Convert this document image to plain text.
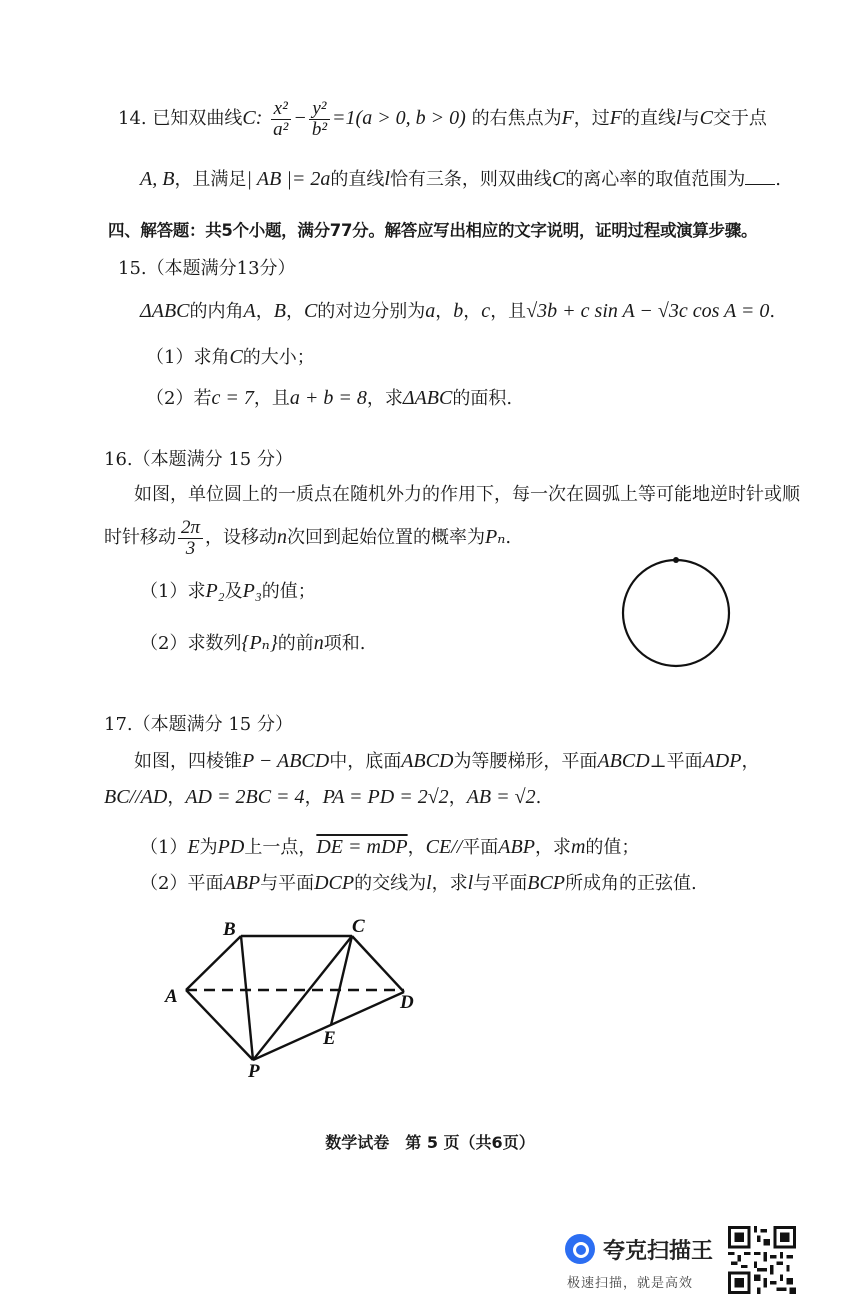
14. 已知双曲线C: $\frac{\text{x²}}{\text{a²}} - \frac{\text{y²}}{\text{b²}} =1(a > 0$, b > 0) 的右焦点为F，过F的直线l与C交于点
A, B，且满足| AB |= 2a的直线l恰有三条，则双曲线C的离心率的取值范围为 .
四、解答题：共5个小题，满分77分。解答应写出相应的文字说明，证明过程或演算步骤。
15.（本题满分13分）
ΔABC的内角A，B，C的对边分别为a，b，c，且√3b + c sin A − √3c cos A = 0.
（1）求角C的大小；
（2）若c = 7，且a + b = 8，求ΔABC的面积.
16.（本题满分 15 分）
如图，单位圆上的一质点在随机外力的作用下，每一次在圆弧上等可能地逆时针或顺
时针移动 $\frac{2\pi}{3}$ ，设移动n次回到起始位置的概率为Pₙ.
（1）求P₂及P₃的值；
（2）求数列{Pₙ}的前n项和.
17.（本题满分 15 分）
如图，四棱锥P − ABCD中，底面ABCD为等腰梯形，平面ABCD⊥平面ADP，
BC//AD，AD = 2BC = 4，PA = PD = 2√2，AB = √2.
（1）E为PD上一点，DE = mDP，CE//平面ABP，求m的值；
（2）平面ABP与平面DCP的交线为l，求l与平面BCP所成角的正弦值.
B	C
A	D
E
P
数学试卷　第 5 页（共6页）
夸克扫描王
极速扫描，就是高效
